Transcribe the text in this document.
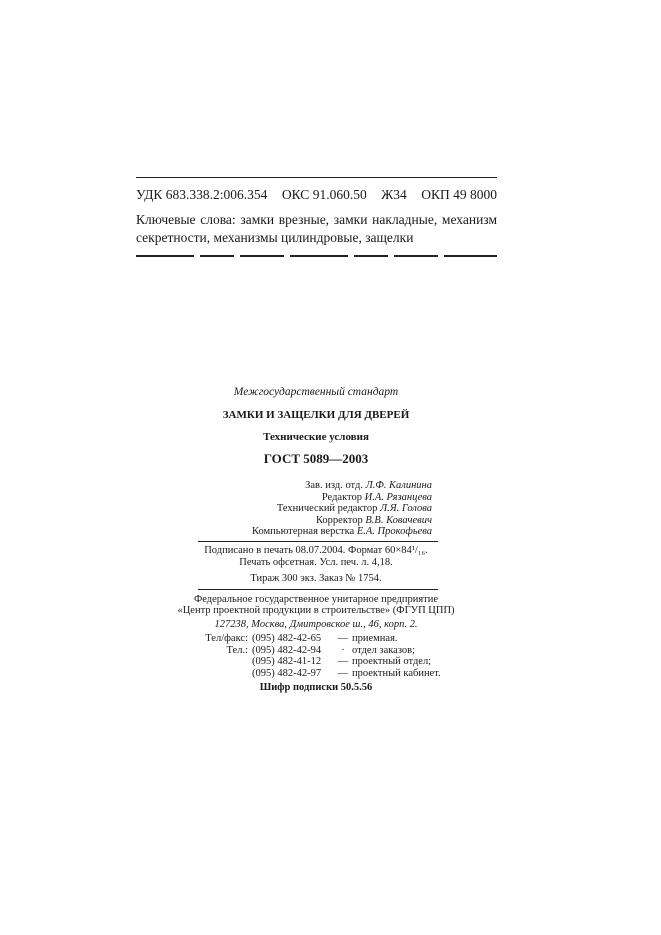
УДК 683.338.2:006.354 ОКС 91.060.50 Ж34 ОКП 49 8000
Ключевые слова: замки врезные, замки накладные, механизм секретности, механизмы цилиндровые, защелки
Межгосударственный стандарт
ЗАМКИ И ЗАЩЕЛКИ ДЛЯ ДВЕРЕЙ
Технические условия
ГОСТ 5089—2003
Зав. изд. отд. Л.Ф. Калинина
Редактор И.А. Рязанцева
Технический редактор Л.Я. Голова
Корректор В.В. Ковачевич
Компьютерная верстка Е.А. Прокофьева
Подписано в печать 08.07.2004. Формат 60×84¹/₁₆.
Печать офсетная. Усл. печ. л. 4,18.
Тираж 300 экз. Заказ № 1754.
Федеральное государственное унитарное предприятие
«Центр проектной продукции в строительстве» (ФГУП ЦПП)
127238, Москва, Дмитровское ш., 46, корп. 2.
Тел/факс: (095) 482-42-65	— приемная.
Тел.: (095) 482-42-94	· отдел заказов;
(095) 482-41-12	— проектный отдел;
(095) 482-42-97	— проектный кабинет.
Шифр подписки 50.5.56
